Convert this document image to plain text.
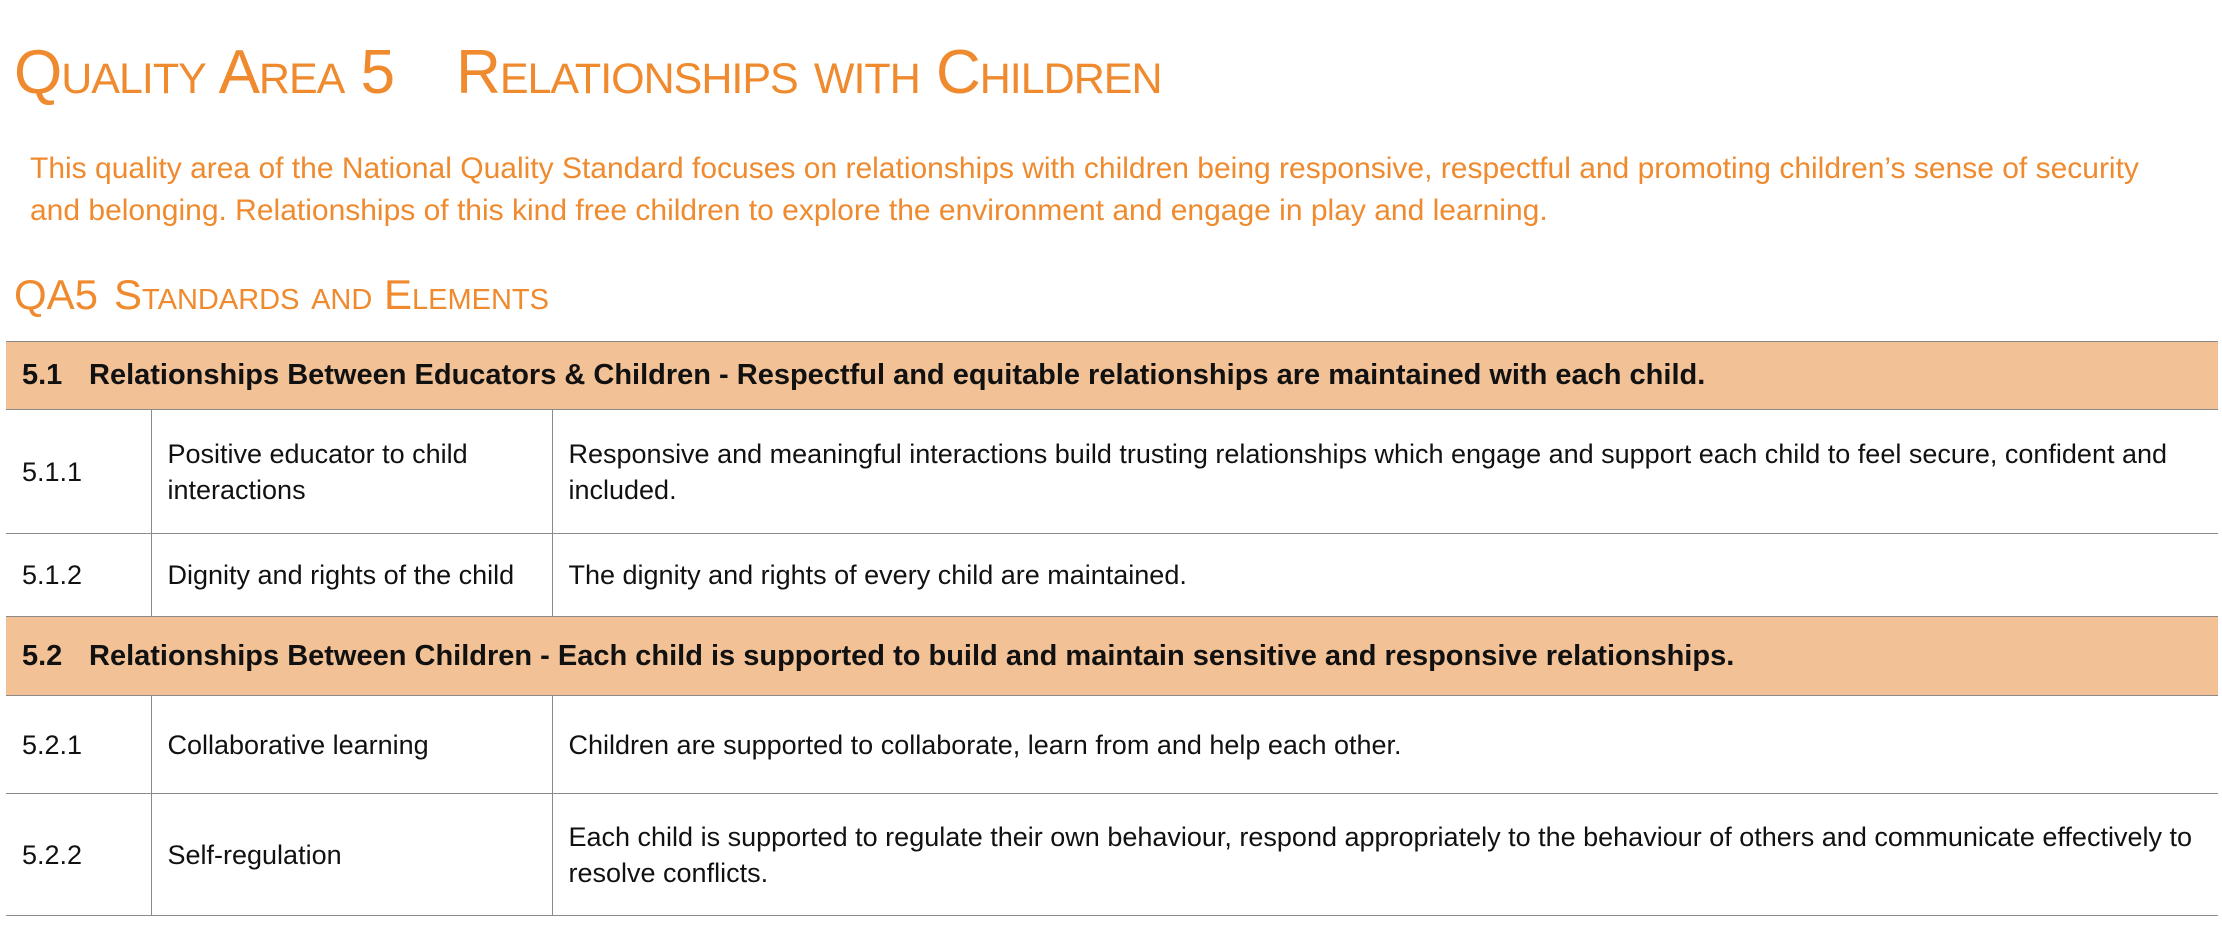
Quality Area 5 Relationships with Children

This quality area of the National Quality Standard focuses on relationships with children being responsive, respectful and promoting children’s sense of security and belonging. Relationships of this kind free children to explore the environment and engage in play and learning.

QA5 Standards and Elements
5.1 Relationships Between Educators & Children - Respectful and equitable relationships are maintained with each child.		
5.1.1	Positive educator to child interactions	Responsive and meaningful interactions build trusting relationships which engage and support each child to feel secure, confident and included.
5.1.2	Dignity and rights of the child	The dignity and rights of every child are maintained.
5.2 Relationships Between Children - Each child is supported to build and maintain sensitive and responsive relationships.		
5.2.1	Collaborative learning	Children are supported to collaborate, learn from and help each other.
5.2.2	Self-regulation	Each child is supported to regulate their own behaviour, respond appropriately to the behaviour of others and communicate effectively to resolve conflicts.
